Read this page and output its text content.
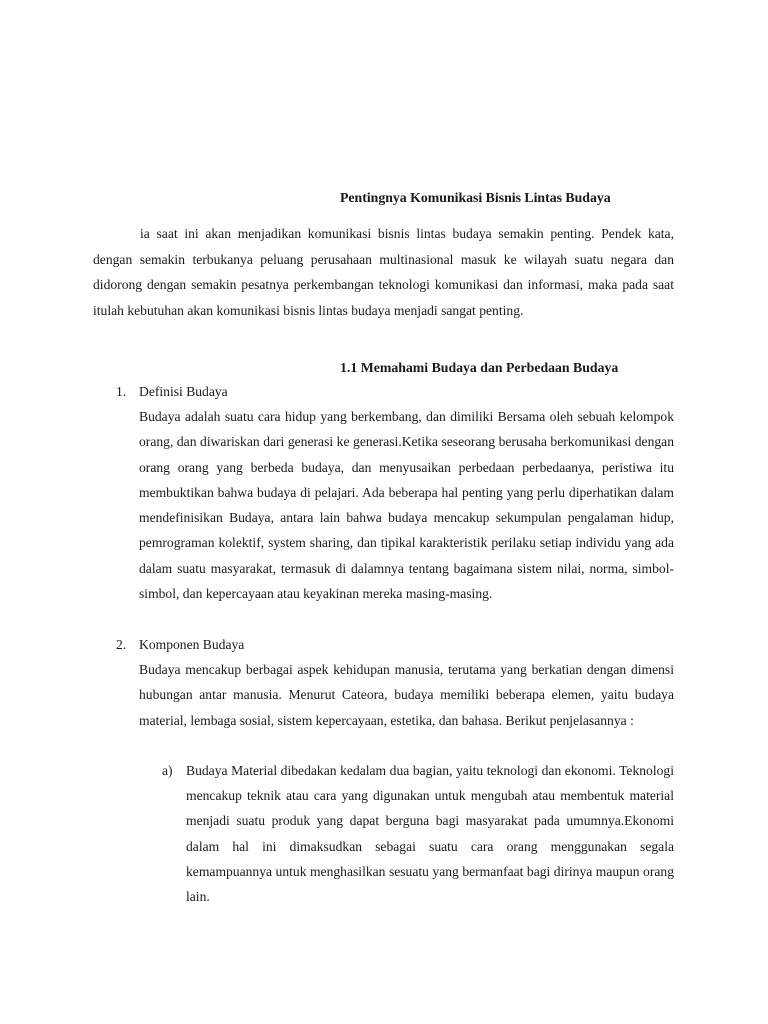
Pentingnya Komunikasi Bisnis Lintas Budaya

ia saat ini akan menjadikan komunikasi bisnis lintas budaya semakin penting. Pendek kata, dengan semakin terbukanya peluang perusahaan multinasional masuk ke wilayah suatu negara dan didorong dengan semakin pesatnya perkembangan teknologi komunikasi dan informasi, maka pada saat itulah kebutuhan akan komunikasi bisnis lintas budaya menjadi sangat penting.

1.1 Memahami Budaya dan Perbedaan Budaya
1. Definisi Budaya

Budaya adalah suatu cara hidup yang berkembang, dan dimiliki Bersama oleh sebuah kelompok orang, dan diwariskan dari generasi ke generasi.Ketika seseorang berusaha berkomunikasi dengan orang orang yang berbeda budaya, dan menyusaikan perbedaan perbedaanya, peristiwa itu membuktikan bahwa budaya di pelajari. Ada beberapa hal penting yang perlu diperhatikan dalam mendefinisikan Budaya, antara lain bahwa budaya mencakup sekumpulan pengalaman hidup, pemrograman kolektif, system sharing, dan tipikal karakteristik perilaku setiap individu yang ada dalam suatu masyarakat, termasuk di dalamnya tentang bagaimana sistem nilai, norma, simbol-simbol, dan kepercayaan atau keyakinan mereka masing-masing.

2. Komponen Budaya

Budaya mencakup berbagai aspek kehidupan manusia, terutama yang berkatian dengan dimensi hubungan antar manusia. Menurut Cateora, budaya memiliki beberapa elemen, yaitu budaya material, lembaga sosial, sistem kepercayaan, estetika, dan bahasa. Berikut penjelasannya :

a) Budaya Material dibedakan kedalam dua bagian, yaitu teknologi dan ekonomi. Teknologi mencakup teknik atau cara yang digunakan untuk mengubah atau membentuk material menjadi suatu produk yang dapat berguna bagi masyarakat pada umumnya.Ekonomi dalam hal ini dimaksudkan sebagai suatu cara orang menggunakan segala kemampuannya untuk menghasilkan sesuatu yang bermanfaat bagi dirinya maupun orang lain.
